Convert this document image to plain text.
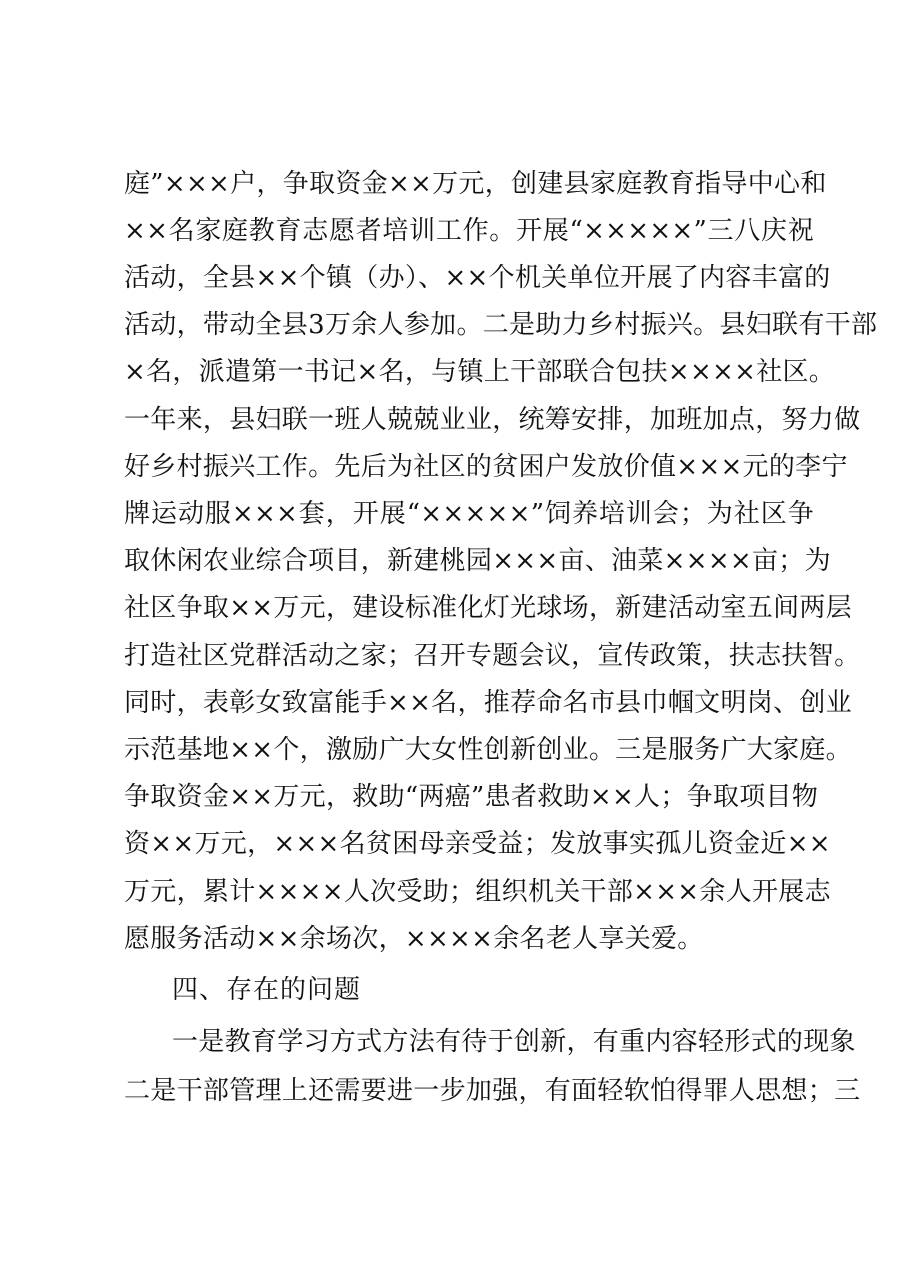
庭”×××户，争取资金××万元，创建县家庭教育指导中心和
××名家庭教育志愿者培训工作。开展“×××××”三八庆祝
活动，全县××个镇（办）、××个机关单位开展了内容丰富的
活动，带动全县3万余人参加。二是助力乡村振兴。县妇联有干部
×名，派遣第一书记×名，与镇上干部联合包扶××××社区。
一年来，县妇联一班人兢兢业业，统筹安排，加班加点，努力做
好乡村振兴工作。先后为社区的贫困户发放价值×××元的李宁
牌运动服×××套，开展“×××××”饲养培训会；为社区争
取休闲农业综合项目，新建桃园×××亩、油菜××××亩；为
社区争取××万元，建设标准化灯光球场，新建活动室五间两层
打造社区党群活动之家；召开专题会议，宣传政策，扶志扶智。
同时，表彰女致富能手××名，推荐命名市县巾帼文明岗、创业
示范基地××个，激励广大女性创新创业。三是服务广大家庭。
争取资金××万元，救助“两癌”患者救助××人；争取项目物
资××万元，×××名贫困母亲受益；发放事实孤儿资金近××
万元，累计××××人次受助；组织机关干部×××余人开展志
愿服务活动××余场次，××××余名老人享关爱。
四、存在的问题
一是教育学习方式方法有待于创新，有重内容轻形式的现象
二是干部管理上还需要进一步加强，有面轻软怕得罪人思想；三
